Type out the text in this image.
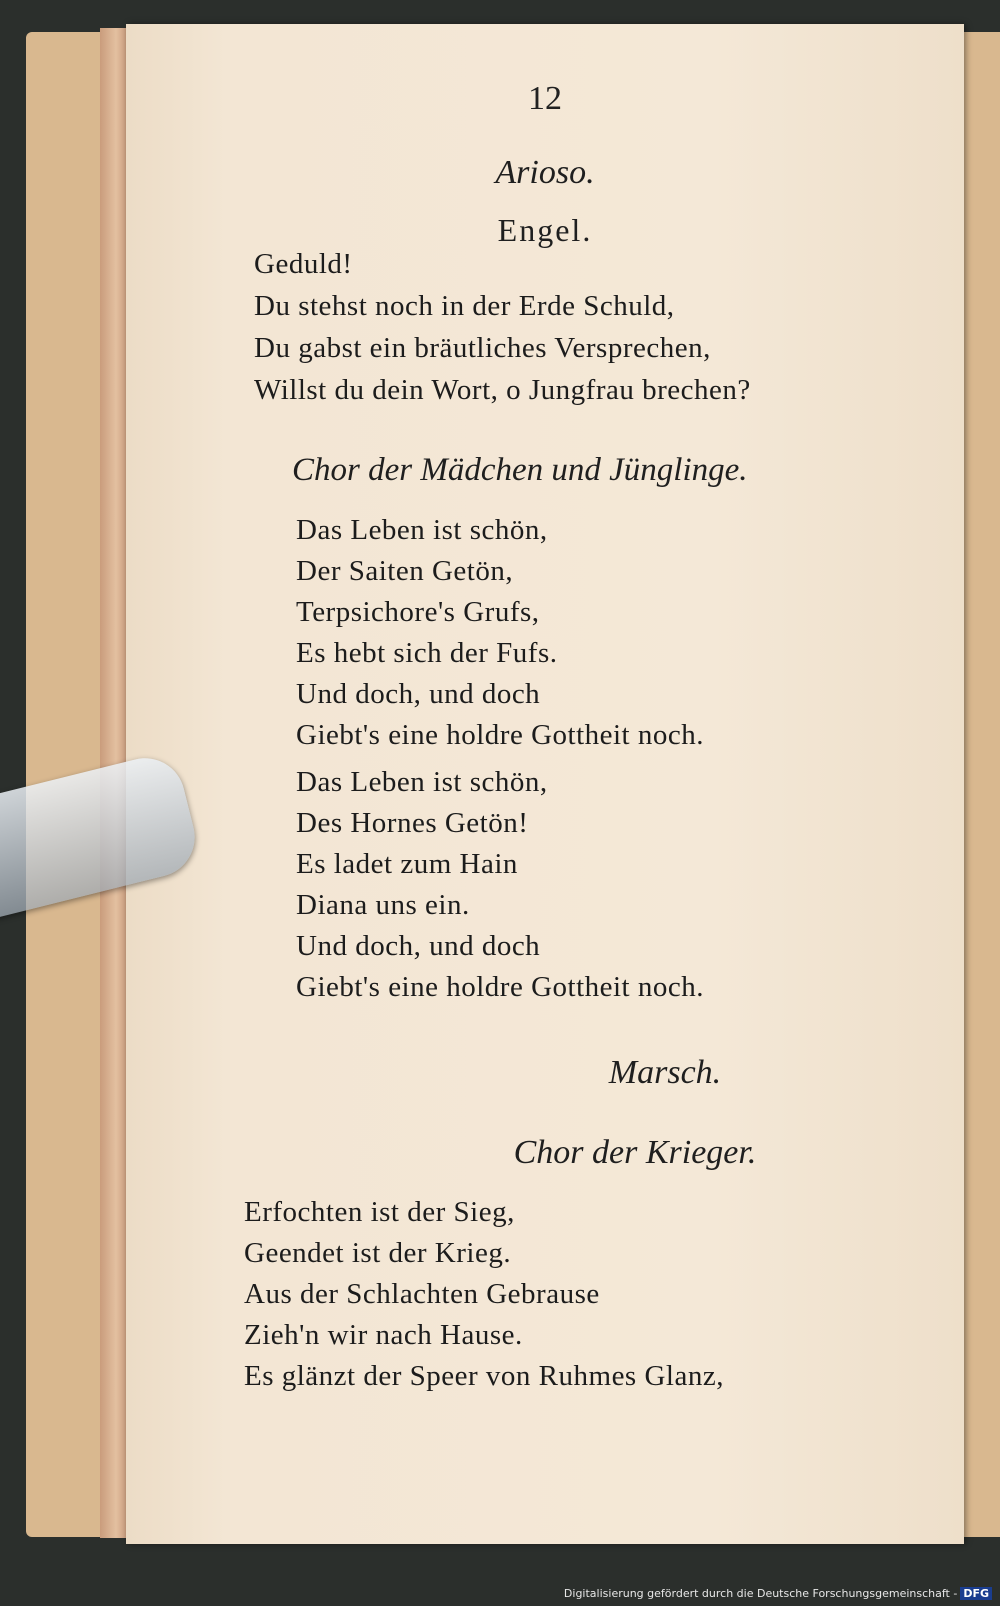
12
Arioso.
Engel.
Geduld!
Du stehst noch in der Erde Schuld,
Du gabst ein bräutliches Versprechen,
Willst du dein Wort, o Jungfrau brechen?
Chor der Mädchen und Jünglinge.
Das Leben ist schön,
Der Saiten Getön,
Terpsichore's Grufs,
Es hebt sich der Fufs.
Und doch, und doch
Giebt's eine holdre Gottheit noch.
Das Leben ist schön,
Des Hornes Getön!
Es ladet zum Hain
Diana uns ein.
Und doch, und doch
Giebt's eine holdre Gottheit noch.
Marsch.
Chor der Krieger.
Erfochten ist der Sieg,
Geendet ist der Krieg.
Aus der Schlachten Gebrause
Zieh'n wir nach Hause.
Es glänzt der Speer von Ruhmes Glanz,
Digitalisierung gefördert durch die Deutsche Forschungsgemeinschaft - DFG
